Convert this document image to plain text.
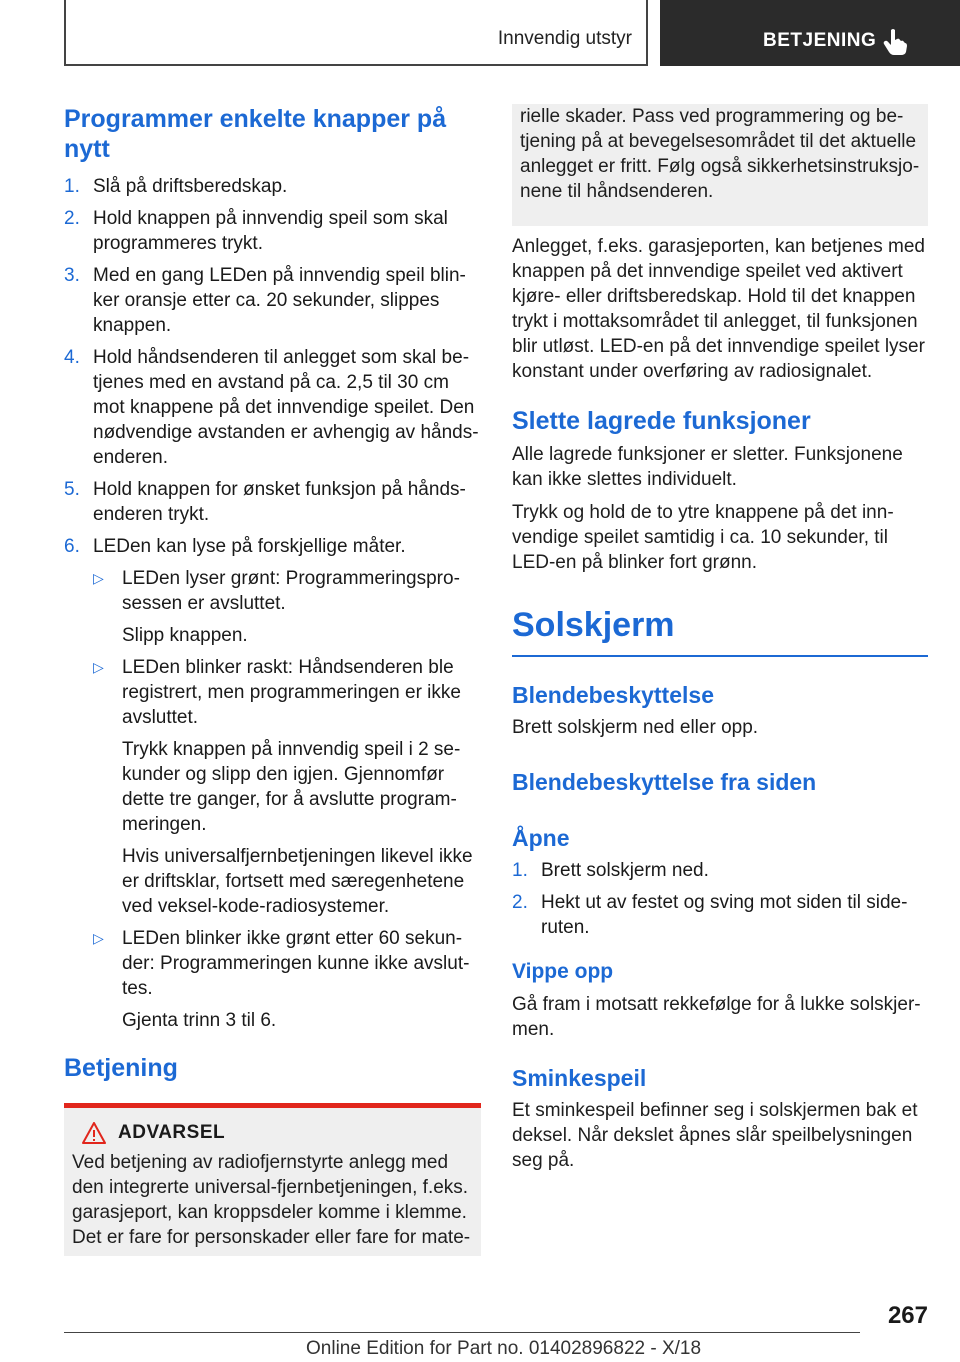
Innvendig utstyr	BETJENING
Programmer enkelte knapper på nytt
1. Slå på driftsberedskap.
2. Hold knappen på innvendig speil som skal programmeres trykt.
3. Med en gang LEDen på innvendig speil blinker oransje etter ca. 20 sekunder, slippes knappen.
4. Hold håndsenderen til anlegget som skal betjenes med en avstand på ca. 2,5 til 30 cm mot knappene på det innvendige speilet. Den nødvendige avstanden er avhengig av håndsenderen.
5. Hold knappen for ønsket funksjon på håndsenderen trykt.
6. LEDen kan lyse på forskjellige måter.
▷ LEDen lyser grønt: Programmeringsprosessen er avsluttet.

Slipp knappen.

▷ LEDen blinker raskt: Håndsenderen ble registrert, men programmeringen er ikke avsluttet.

Trykk knappen på innvendig speil i 2 sekunder og slipp den igjen. Gjennomfør dette tre ganger, for å avslutte programmeringen.

Hvis universalfjernbetjeningen likevel ikke er driftsklar, fortsett med særegenhetene ved veksel-kode-radiosystemer.

▷ LEDen blinker ikke grønt etter 60 sekunder: Programmeringen kunne ikke avsluttes.

Gjenta trinn 3 til 6.

Betjening
ADVARSEL

Ved betjening av radiofjernstyrte anlegg med den integrerte universal-fjernbetjeningen, f.eks. garasjeport, kan kroppsdeler komme i klemme. Det er fare for personskader eller fare for mate-

rielle skader. Pass ved programmering og betjening på at bevegelsesområdet til det aktuelle anlegget er fritt. Følg også sikkerhetsinstruksjonene til håndsenderen.

Anlegget, f.eks. garasjeporten, kan betjenes med knappen på det innvendige speilet ved aktivert kjøre- eller driftsberedskap. Hold til det knappen trykt i mottaksområdet til anlegget, til funksjonen blir utløst. LED-en på det innvendige speilet lyser konstant under overføring av radiosignalet.

Slette lagrede funksjoner

Alle lagrede funksjoner er sletter. Funksjonene kan ikke slettes individuelt.

Trykk og hold de to ytre knappene på det innvendige speilet samtidig i ca. 10 sekunder, til LED-en på blinker fort grønn.

Solskjerm
Blendebeskyttelse

Brett solskjerm ned eller opp.

Blendebeskyttelse fra siden
Åpne
1. Brett solskjerm ned.
2. Hekt ut av festet og sving mot siden til sideruten.
Vippe opp

Gå fram i motsatt rekkefølge for å lukke solskjermen.

Sminkespeil

Et sminkespeil befinner seg i solskjermen bak et deksel. Når dekslet åpnes slår speilbelysningen seg på.

267
Online Edition for Part no. 01402896822 - X/18
